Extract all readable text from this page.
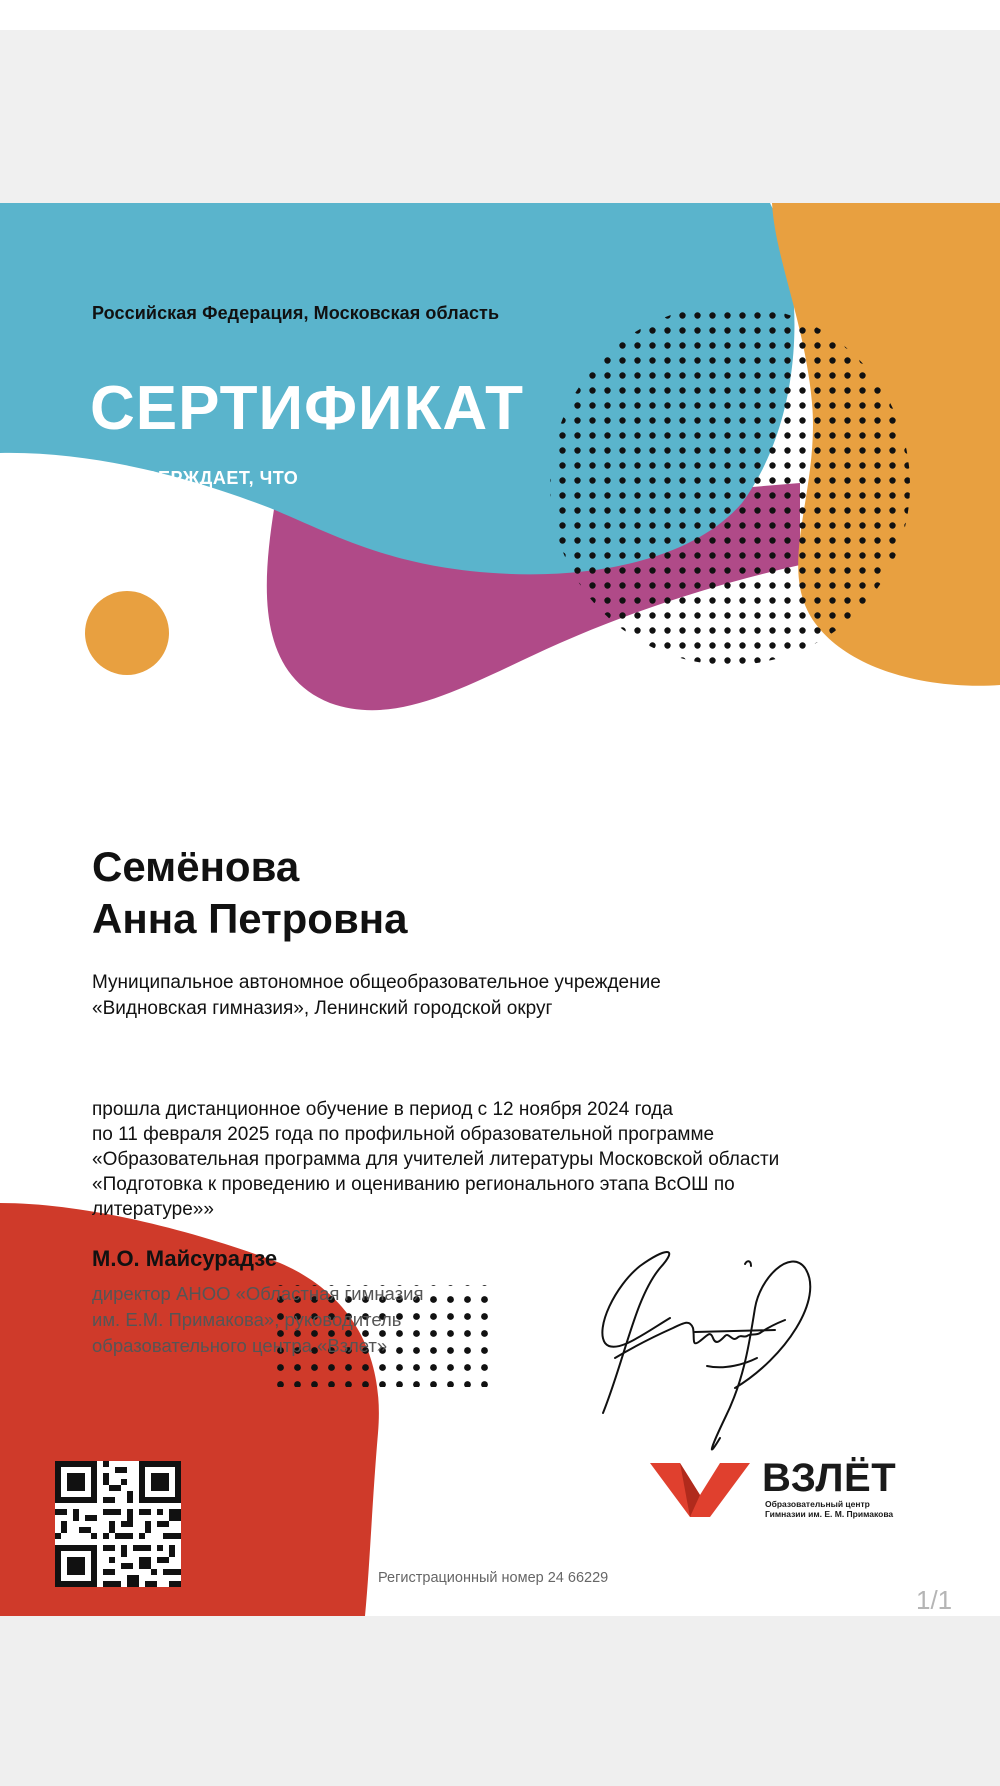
Российская Федерация, Московская область
СЕРТИФИКАТ
ПОДТВЕРЖДАЕТ, ЧТО
Семёнова
Анна Петровна
Муниципальное автономное общеобразовательное учреждение
«Видновская гимназия», Ленинский городской округ
прошла дистанционное обучение в период с 12 ноября 2024 года
по 11 февраля 2025 года по профильной образовательной программе
«Образовательная программа для учителей литературы Московской области
«Подготовка к проведению и оцениванию регионального этапа ВсОШ по
литературе»»
М.О. Майсурадзе
директор АНОО «Областная гимназия
им. Е.М. Примакова», руководитель
образовательного центра «Взлет»
ВЗЛЁТ
Образовательный центр
Гимназии им. Е. М. Примакова
Регистрационный номер 24 66229
1/1
